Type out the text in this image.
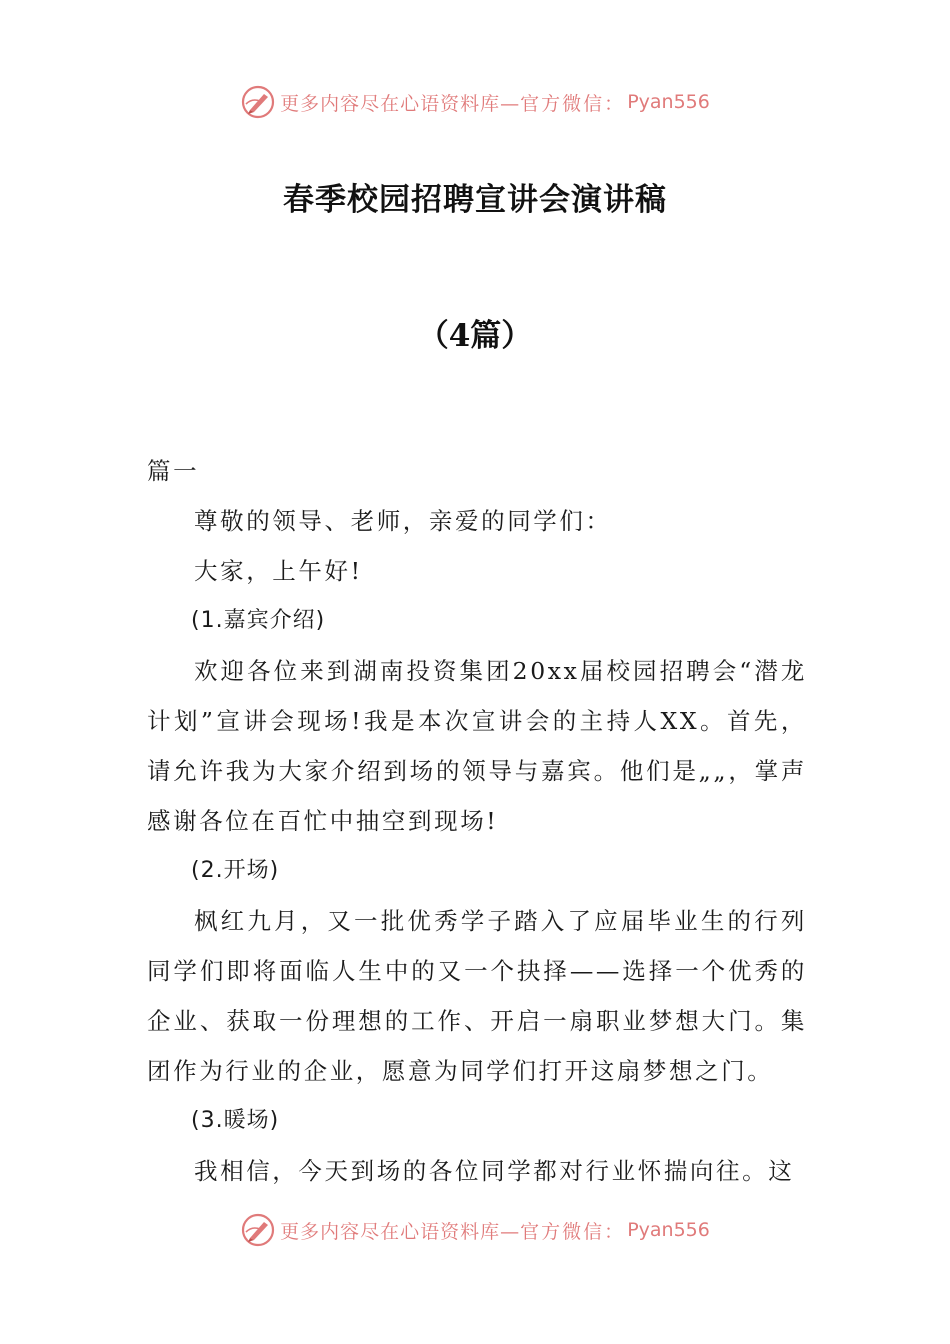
更多内容尽在心语资料库— 官方微信： Pyan556
春季校园招聘宣讲会演讲稿
（4篇）

篇一

尊敬的领导、老师，亲爱的同学们：

大家，上午好!

(1.嘉宾介绍)

欢迎各位来到湖南投资集团20xx届校园招聘会“潜龙计划”宣讲会现场!我是本次宣讲会的主持人XX。首先，请允许我为大家介绍到场的领导与嘉宾。他们是„„，掌声感谢各位在百忙中抽空到现场!

(2.开场)

枫红九月，又一批优秀学子踏入了应届毕业生的行列同学们即将面临人生中的又一个抉择——选择一个优秀的企业、获取一份理想的工作、开启一扇职业梦想大门。集团作为行业的企业，愿意为同学们打开这扇梦想之门。

(3.暖场)

我相信，今天到场的各位同学都对行业怀揣向往。这

更多内容尽在心语资料库— 官方微信： Pyan556
